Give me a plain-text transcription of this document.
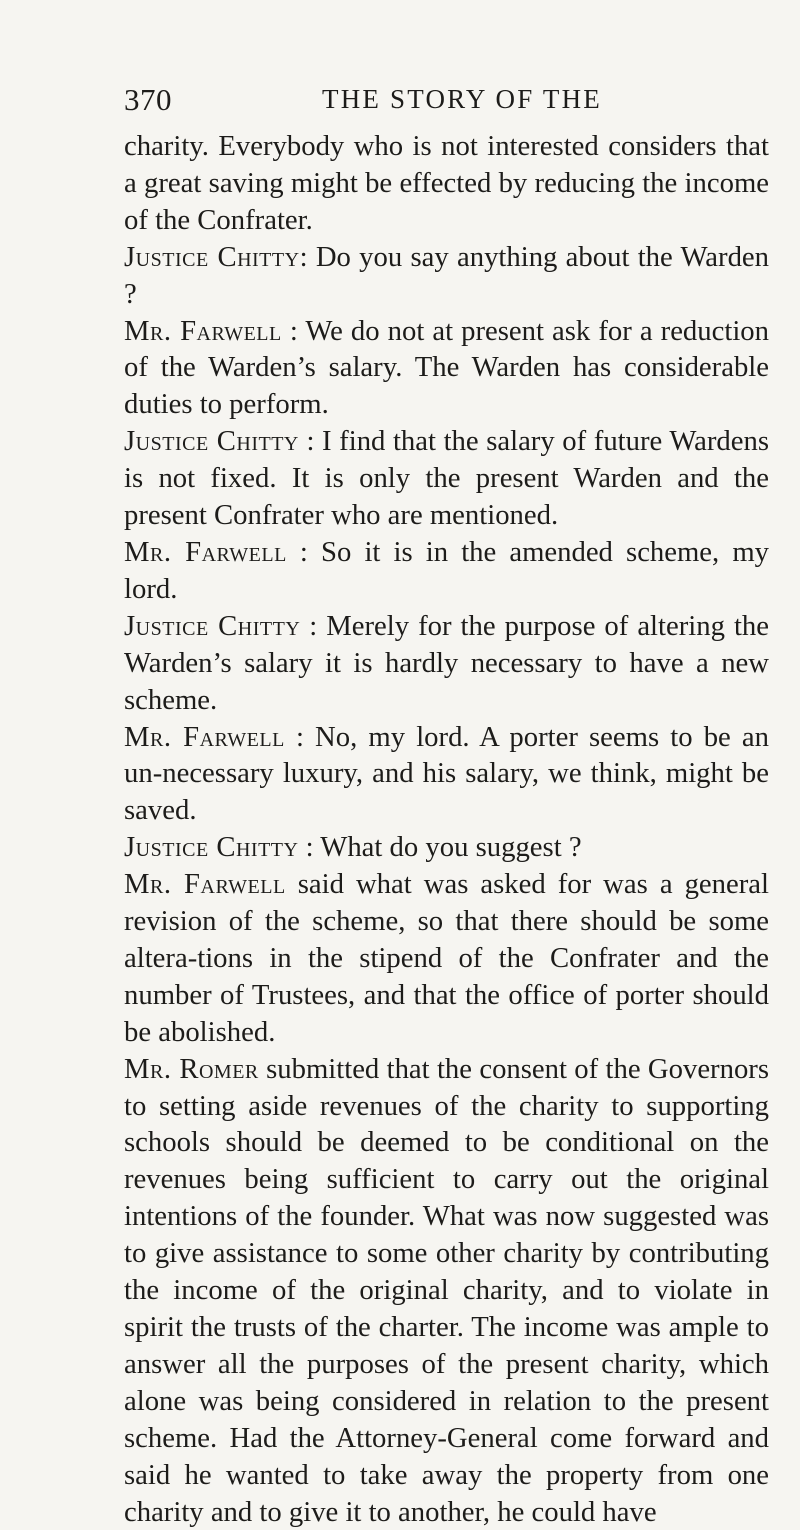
370	THE STORY OF THE

charity. Everybody who is not interested considers that a great saving might be effected by reducing the income of the Confrater.

Justice Chitty: Do you say anything about the Warden ?

Mr. Farwell : We do not at present ask for a reduction of the Warden’s salary. The Warden has considerable duties to perform.

Justice Chitty : I find that the salary of future Wardens is not fixed. It is only the present Warden and the present Confrater who are mentioned.

Mr. Farwell : So it is in the amended scheme, my lord.

Justice Chitty : Merely for the purpose of altering the Warden’s salary it is hardly necessary to have a new scheme.

Mr. Farwell : No, my lord. A porter seems to be an un-necessary luxury, and his salary, we think, might be saved.

Justice Chitty : What do you suggest ?

Mr. Farwell said what was asked for was a general revision of the scheme, so that there should be some altera-tions in the stipend of the Confrater and the number of Trustees, and that the office of porter should be abolished.

Mr. Romer submitted that the consent of the Governors to setting aside revenues of the charity to supporting schools should be deemed to be conditional on the revenues being sufficient to carry out the original intentions of the founder. What was now suggested was to give assistance to some other charity by contributing the income of the original charity, and to violate in spirit the trusts of the charter. The income was ample to answer all the purposes of the present charity, which alone was being considered in relation to the present scheme. Had the Attorney-General come forward and said he wanted to take away the property from one charity and to give it to another, he could have
